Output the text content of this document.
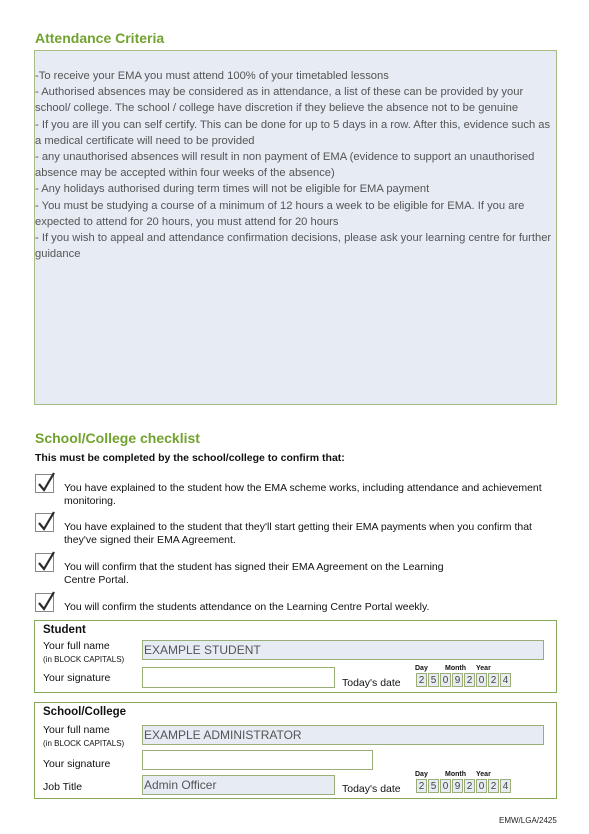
Attendance Criteria
-To receive your EMA you must attend 100% of your timetabled lessons
- Authorised absences may be considered as in attendance, a list of these can be provided by your school/ college. The school / college have discretion if they believe the absence not to be genuine
- If you are ill you can self certify. This can be done for up to 5 days in a row. After this, evidence such as a medical certificate will need to be provided
- any unauthorised absences will result in non payment of EMA (evidence to support an unauthorised absence may be accepted within four weeks of the absence)
- Any holidays authorised during term times will not be eligible for EMA payment
- You must be studying a course of a minimum of 12 hours a week to be eligible for EMA. If you are expected to attend for 20 hours, you must attend for 20 hours
- If you wish to appeal and attendance confirmation decisions, please ask your learning centre for further guidance
School/College checklist
This must be completed by the school/college to confirm that:
You have explained to the student how the EMA scheme works, including attendance and achievement monitoring.
You have explained to the student that they'll start getting their EMA payments when you confirm that they've signed their EMA Agreement.
You will confirm that the student has signed their EMA Agreement on the Learning Centre Portal.
You will confirm the students attendance on the Learning Centre Portal weekly.
Student
Your full name
(in BLOCK CAPITALS)
EXAMPLE STUDENT
Your signature	Today's date
Day Month Year
2 5 0 9 2 0 2 4
School/College
Your full name
(in BLOCK CAPITALS)
EXAMPLE ADMINISTRATOR
Your signature
Job Title	Admin Officer	Today's date
Day Month Year
2 5 0 9 2 0 2 4
EMW/LGA/2425
